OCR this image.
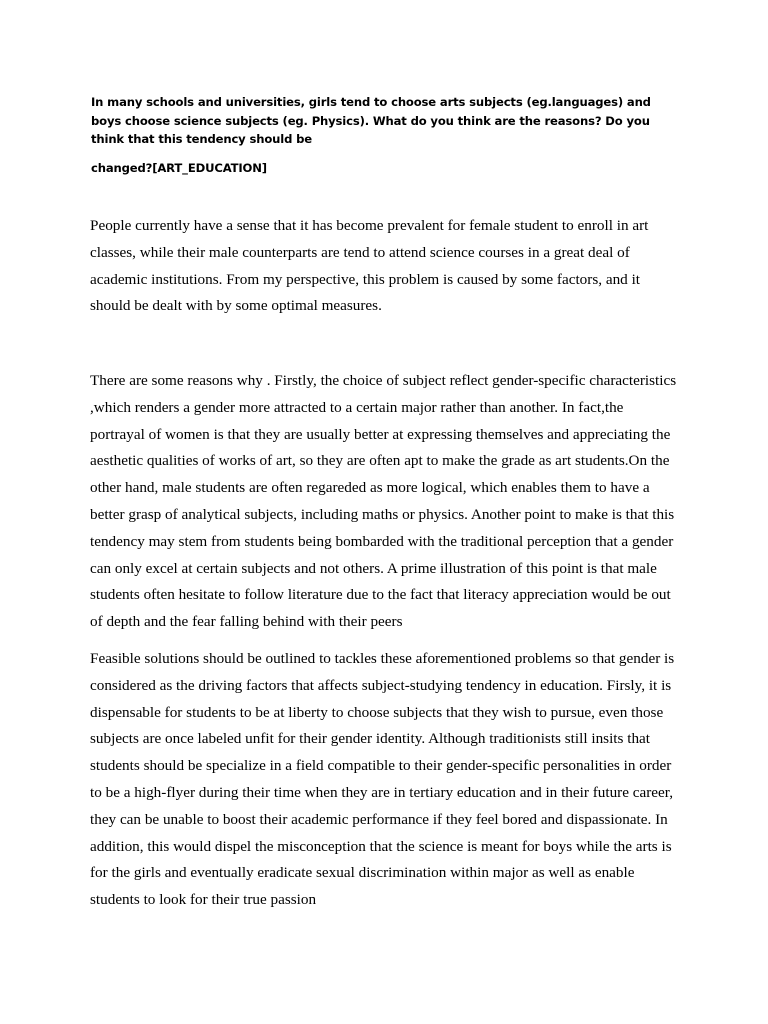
In many schools and universities, girls tend to choose arts subjects (eg.languages) and boys choose science subjects (eg. Physics). What do you think are the reasons? Do you think that this tendency should be

changed?[ART_EDUCATION]

People currently have a sense that it has become prevalent for female student to enroll in art classes, while their male counterparts are tend to attend science courses in a great deal of academic institutions. From my perspective, this problem is caused by some factors, and it should be dealt with by some optimal measures.

There are some reasons why . Firstly, the choice of subject reflect gender-specific characteristics ,which renders a gender more attracted to a certain major rather than another. In fact,the portrayal of women is that they are usually better at expressing themselves and appreciating the aesthetic qualities of works of art, so they are often apt to make the grade as art students.On the other hand, male students are often regareded as more logical, which enables them to have a better grasp of analytical subjects, including maths or physics. Another point to make is that this tendency may stem from students being bombarded with the traditional perception that a gender can only excel at certain subjects and not others. A prime illustration of this point is that male students often hesitate to follow literature due to the fact that literacy appreciation would be out of depth and the fear falling behind with their peers

Feasible solutions should be outlined to tackles these aforementioned problems so that gender is considered as the driving factors that affects subject-studying tendency in education. Firsly, it is dispensable for students to be at liberty to choose subjects that they wish to pursue, even those subjects are once labeled unfit for their gender identity. Although traditionists still insits that students should be specialize in a field compatible to their gender-specific personalities in order to be a high-flyer during their time when they are in tertiary education and in their future career, they can be unable to boost their academic performance if they feel bored and dispassionate. In addition, this would dispel the misconception that the science is meant for boys while the arts is for the girls and eventually eradicate sexual discrimination within major as well as enable students to look for their true passion
